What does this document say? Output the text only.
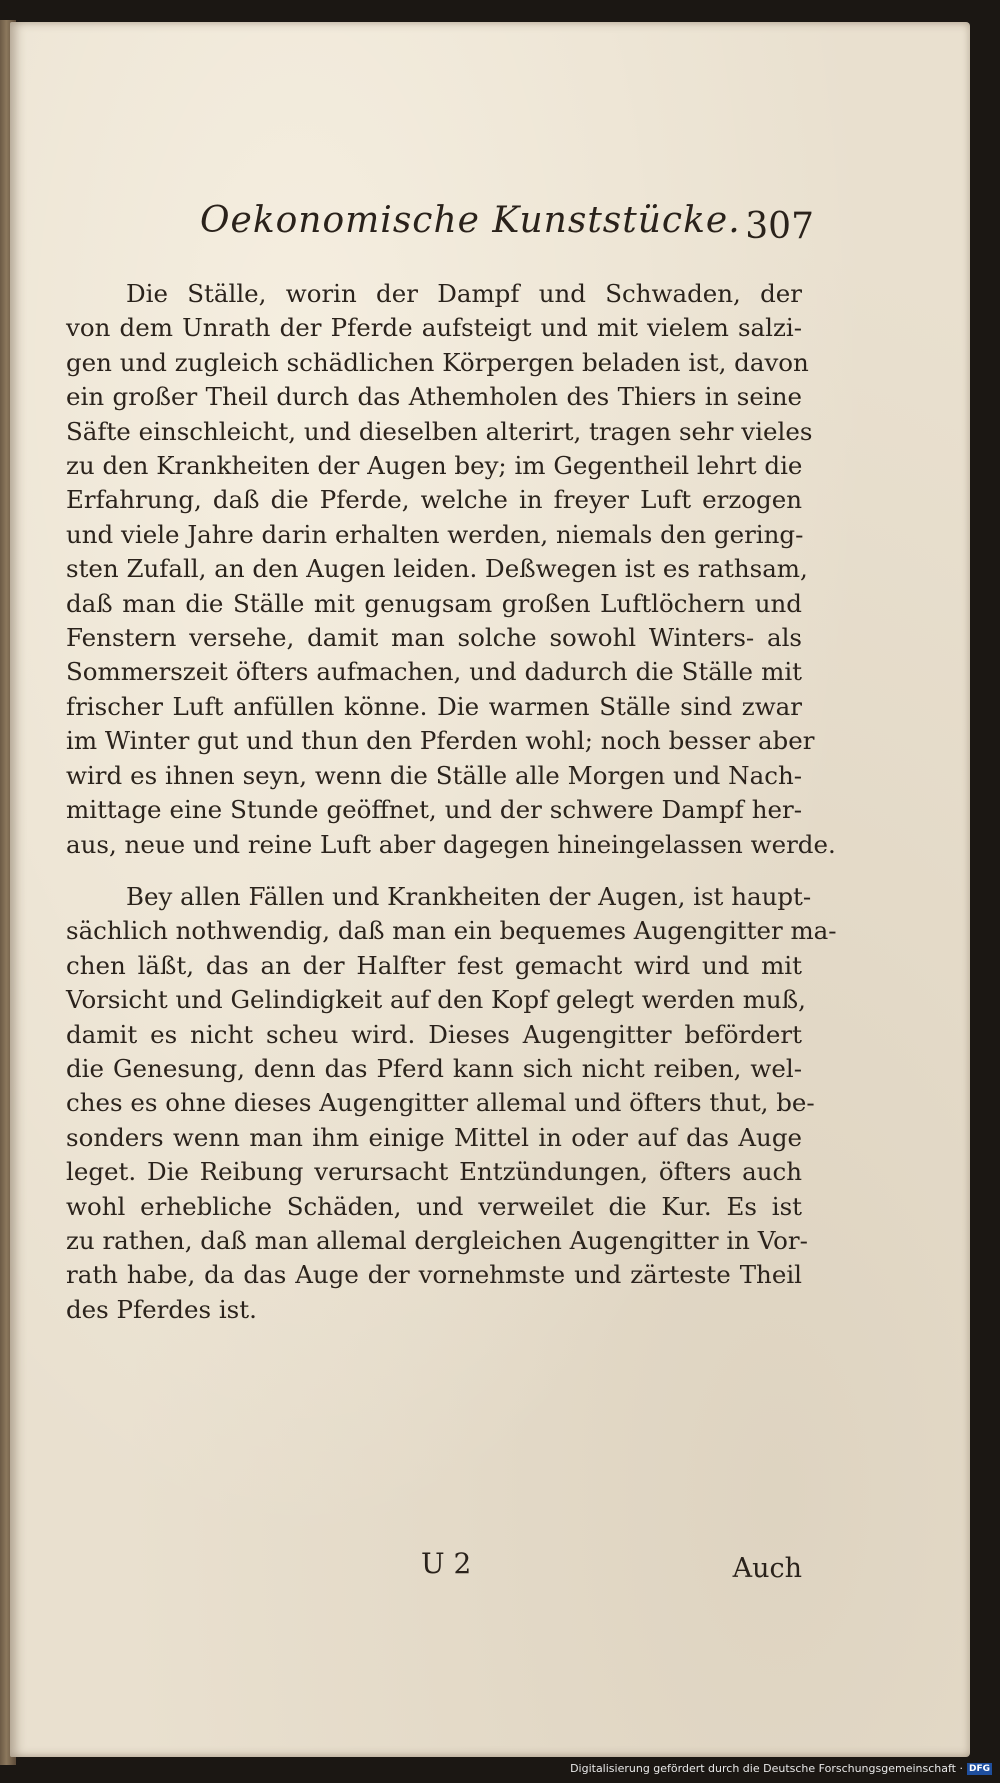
Oekonomische Kunststücke. 307

Die Ställe, worin der Dampf und Schwaden, der
von dem Unrath der Pferde aufsteigt und mit vielem salzi-
gen und zugleich schädlichen Körpergen beladen ist, davon
ein großer Theil durch das Athemholen des Thiers in seine
Säfte einschleicht, und dieselben alterirt, tragen sehr vieles
zu den Krankheiten der Augen bey; im Gegentheil lehrt die
Erfahrung, daß die Pferde, welche in freyer Luft erzogen
und viele Jahre darin erhalten werden, niemals den gering-
sten Zufall, an den Augen leiden. Deßwegen ist es rathsam,
daß man die Ställe mit genugsam großen Luftlöchern und
Fenstern versehe, damit man solche sowohl Winters- als
Sommerszeit öfters aufmachen, und dadurch die Ställe mit
frischer Luft anfüllen könne. Die warmen Ställe sind zwar
im Winter gut und thun den Pferden wohl; noch besser aber
wird es ihnen seyn, wenn die Ställe alle Morgen und Nach-
mittage eine Stunde geöffnet, und der schwere Dampf her-
aus, neue und reine Luft aber dagegen hineingelassen werde.

Bey allen Fällen und Krankheiten der Augen, ist haupt-
sächlich nothwendig, daß man ein bequemes Augengitter ma-
chen läßt, das an der Halfter fest gemacht wird und mit
Vorsicht und Gelindigkeit auf den Kopf gelegt werden muß,
damit es nicht scheu wird. Dieses Augengitter befördert
die Genesung, denn das Pferd kann sich nicht reiben, wel-
ches es ohne dieses Augengitter allemal und öfters thut, be-
sonders wenn man ihm einige Mittel in oder auf das Auge
leget. Die Reibung verursacht Entzündungen, öfters auch
wohl erhebliche Schäden, und verweilet die Kur. Es ist
zu rathen, daß man allemal dergleichen Augengitter in Vor-
rath habe, da das Auge der vornehmste und zärteste Theil
des Pferdes ist.

U 2	Auch
Digitalisierung gefördert durch die Deutsche Forschungsgemeinschaft · DFG
